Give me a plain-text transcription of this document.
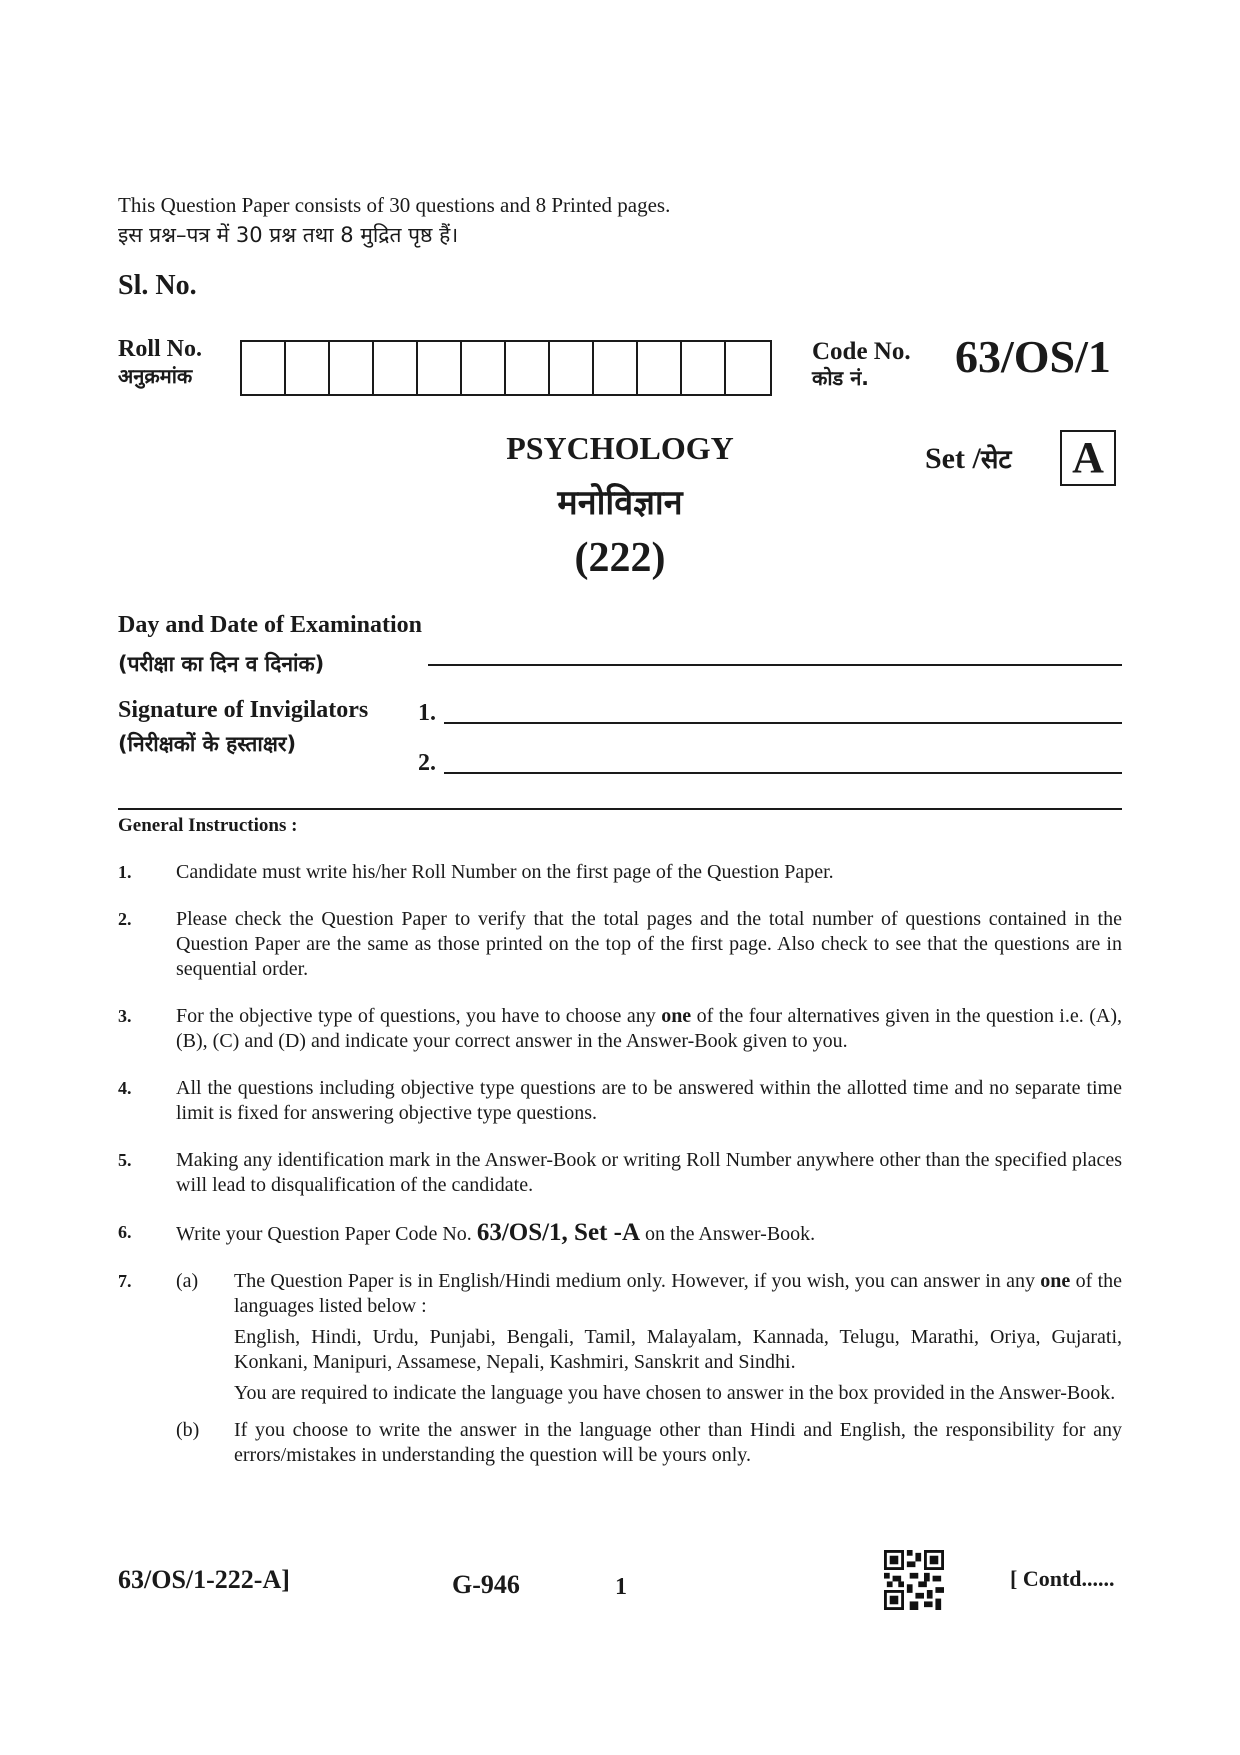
This Question Paper consists of 30 questions and 8 Printed pages.
इस प्रश्न–पत्र में 30 प्रश्न तथा 8 मुद्रित पृष्ठ हैं।
Sl. No.
Roll No.
अनुक्रमांक
Code No.
कोड नं.	63/OS/1
PSYCHOLOGY
मनोविज्ञान
(222)
Set /सेट A
Day and Date of Examination
(परीक्षा का दिन व दिनांक)
Signature of Invigilators
(निरीक्षकों के हस्ताक्षर)
1.
2.
General Instructions :
1.	Candidate must write his/her Roll Number on the first page of the Question Paper.
2.	Please check the Question Paper to verify that the total pages and the total number of questions contained in the Question Paper are the same as those printed on the top of the first page. Also check to see that the questions are in sequential order.
3.	For the objective type of questions, you have to choose any one of the four alternatives given in the question i.e. (A), (B), (C) and (D) and indicate your correct answer in the Answer-Book given to you.
4.	All the questions including objective type questions are to be answered within the allotted time and no separate time limit is fixed for answering objective type questions.
5.	Making any identification mark in the Answer-Book or writing Roll Number anywhere other than the specified places will lead to disqualification of the candidate.
6.	Write your Question Paper Code No. 63/OS/1, Set -A on the Answer-Book.
7.	(a)	The Question Paper is in English/Hindi medium only. However, if you wish, you can answer in any one of the languages listed below :
English, Hindi, Urdu, Punjabi, Bengali, Tamil, Malayalam, Kannada, Telugu, Marathi, Oriya, Gujarati, Konkani, Manipuri, Assamese, Nepali, Kashmiri, Sanskrit and Sindhi.
You are required to indicate the language you have chosen to answer in the box provided in the Answer-Book.
(b)	If you choose to write the answer in the language other than Hindi and English, the responsibility for any errors/mistakes in understanding the question will be yours only.
63/OS/1-222-A]	G-946	1	[ Contd......
